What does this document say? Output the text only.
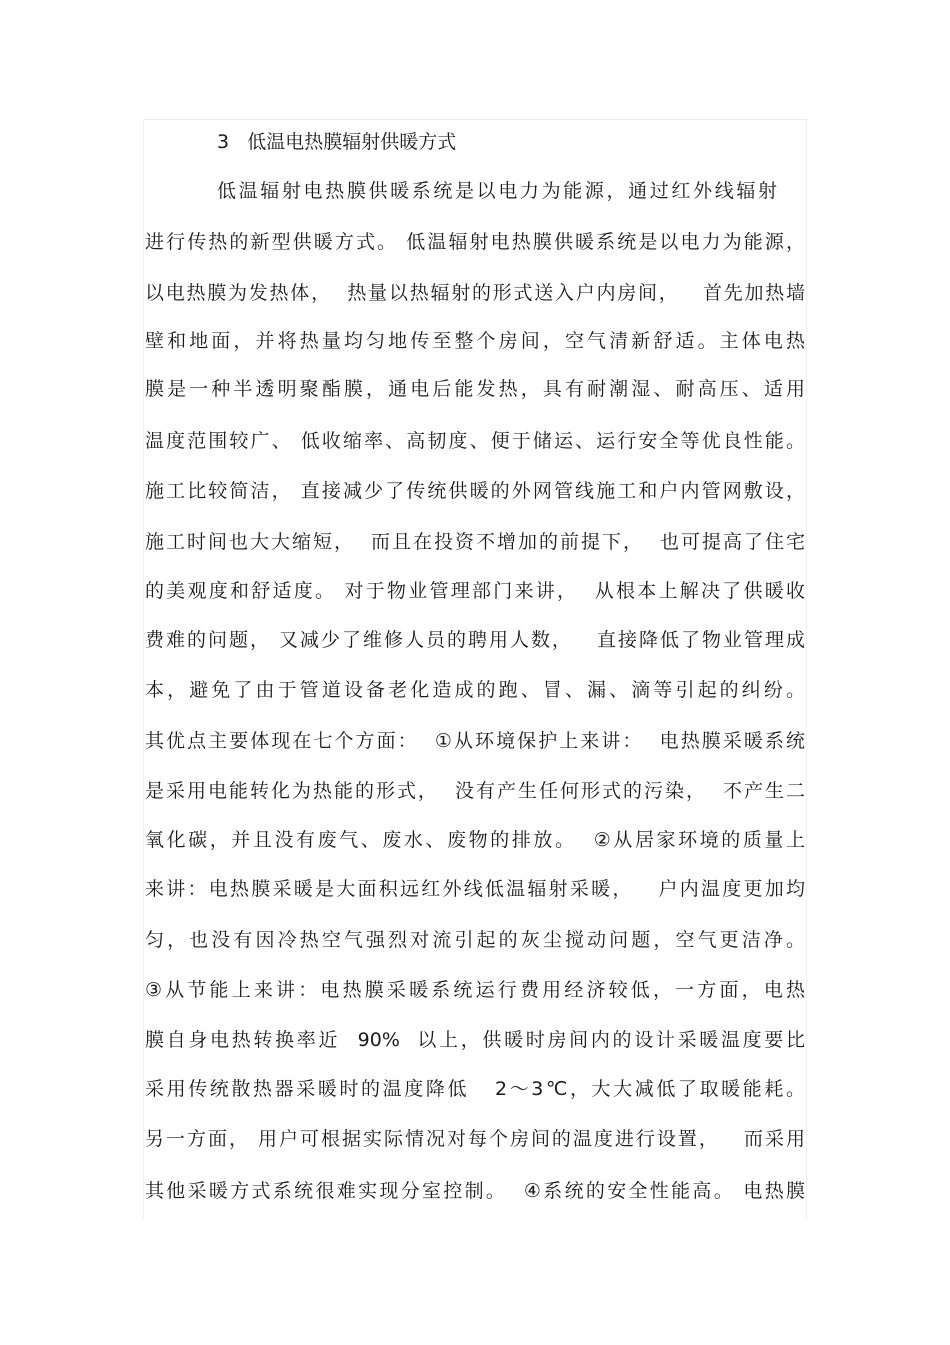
3   低温电热膜辐射供暖方式
低温辐射电热膜供暖系统是以电力为能源，通过红外线辐射
进行传热的新型供暖方式。 低温辐射电热膜供暖系统是以电力为能源，
以电热膜为发热体，  热量以热辐射的形式送入户内房间，   首先加热墙
壁和地面，并将热量均匀地传至整个房间，空气清新舒适。主体电热
膜是一种半透明聚酯膜，通电后能发热，具有耐潮湿、耐高压、适用
温度范围较广、 低收缩率、高韧度、便于储运、运行安全等优良性能。
施工比较简洁， 直接减少了传统供暖的外网管线施工和户内管网敷设，
施工时间也大大缩短，  而且在投资不增加的前提下，  也可提高了住宅
的美观度和舒适度。 对于物业管理部门来讲，  从根本上解决了供暖收
费难的问题， 又减少了维修人员的聘用人数，   直接降低了物业管理成
本，避免了由于管道设备老化造成的跑、冒、漏、滴等引起的纠纷。
其优点主要体现在七个方面：  ①从环境保护上来讲：  电热膜采暖系统
是采用电能转化为热能的形式，  没有产生任何形式的污染，  不产生二
氧化碳，并且没有废气、废水、废物的排放。  ②从居家环境的质量上
来讲：电热膜采暖是大面积远红外线低温辐射采暖，   户内温度更加均
匀，也没有因冷热空气强烈对流引起的灰尘搅动问题，空气更洁净。
③从节能上来讲：电热膜采暖系统运行费用经济较低，一方面，电热
膜自身电热转换率近  90%  以上，供暖时房间内的设计采暖温度要比
采用传统散热器采暖时的温度降低   2～3℃，大大减低了取暖能耗。
另一方面， 用户可根据实际情况对每个房间的温度进行设置，   而采用
其他采暖方式系统很难实现分室控制。  ④系统的安全性能高。 电热膜
